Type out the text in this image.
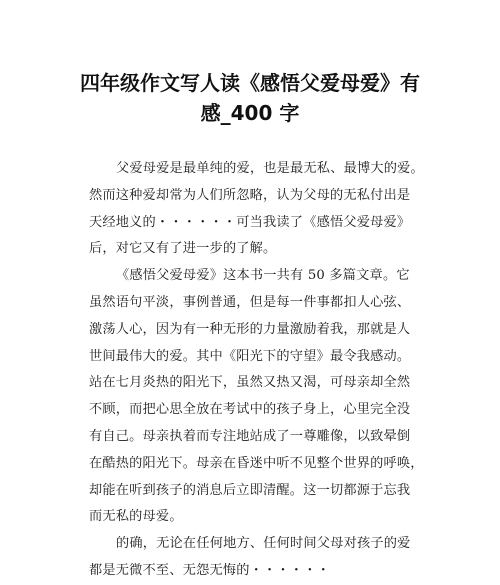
四年级作文写人读《感悟父爱母爱》有
感_400 字

父爱母爱是最单纯的爱，也是最无私、最博大的爱。
然而这种爱却常为人们所忽略，认为父母的无私付出是
天经地义的・・・・・・可当我读了《感悟父爱母爱》
后，对它又有了进一步的了解。

《感悟父爱母爱》这本书一共有 50 多篇文章。它
虽然语句平淡，事例普通，但是每一件事都扣人心弦、
激荡人心，因为有一种无形的力量激励着我，那就是人
世间最伟大的爱。其中《阳光下的守望》最令我感动。
站在七月炎热的阳光下，虽然又热又渴，可母亲却全然
不顾，而把心思全放在考试中的孩子身上，心里完全没
有自己。母亲执着而专注地站成了一尊雕像，以致晕倒
在酷热的阳光下。母亲在昏迷中听不见整个世界的呼唤，
却能在听到孩子的消息后立即清醒。这一切都源于忘我
而无私的母爱。

的确，无论在任何地方、任何时间父母对孩子的爱
都是无微不至、无怨无悔的・・・・・・
